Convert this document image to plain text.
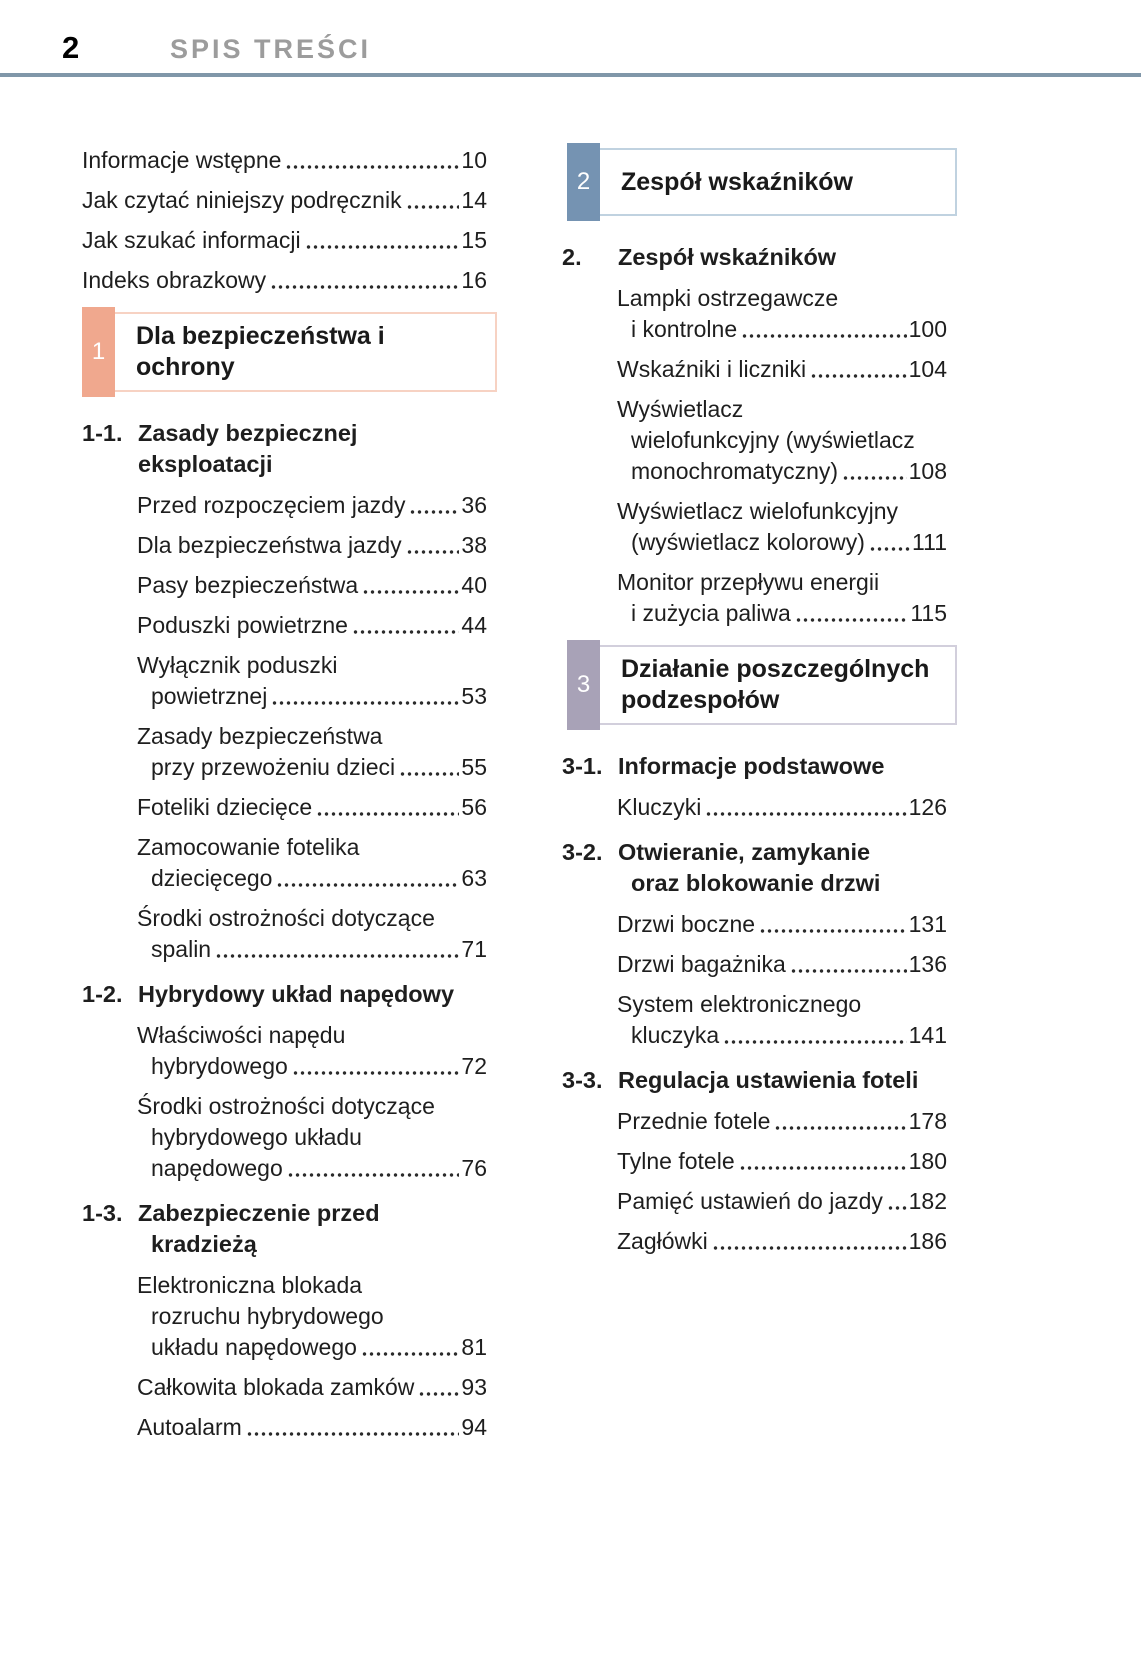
2	SPIS TREŚCI
Informacje wstępne	10
Jak czytać niniejszy podręcznik	14
Jak szukać informacji	15
Indeks obrazkowy	16
1
Dla bezpieczeństwa i ochrony
1-1. Zasady bezpiecznej eksploatacji
Przed rozpoczęciem jazdy 36
Dla bezpieczeństwa jazdy	38
Pasy bezpieczeństwa	40
Poduszki powietrzne	44
Wyłącznik poduszki
powietrznej	53
Zasady bezpieczeństwa
przy przewożeniu dzieci	55
Foteliki dziecięce	56
Zamocowanie fotelika
dziecięcego	63
Środki ostrożności dotyczące
spalin	71
1-2. Hybrydowy układ napędowy
Właściwości napędu
hybrydowego	72
Środki ostrożności dotyczące
hybrydowego układu
napędowego	76
1-3. Zabezpieczenie przed
kradzieżą
Elektroniczna blokada
rozruchu hybrydowego
układu napędowego	81
Całkowita blokada zamków 93
Autoalarm	94
2 Zespół wskaźników
2. Zespół wskaźników
Lampki ostrzegawcze
i kontrolne	100
Wskaźniki i liczniki	104
Wyświetlacz
wielofunkcyjny (wyświetlacz
monochromatyczny)	108
Wyświetlacz wielofunkcyjny
(wyświetlacz kolorowy) 111
Monitor przepływu energii
i zużycia paliwa	115
3
Działanie poszczególnych
podzespołów
3-1. Informacje podstawowe
Kluczyki	126
3-2. Otwieranie, zamykanie
oraz blokowanie drzwi
Drzwi boczne	131
Drzwi bagażnika	136
System elektronicznego
kluczyka	141
3-3. Regulacja ustawienia foteli
Przednie fotele	178
Tylne fotele	180
Pamięć ustawień do jazdy 182
Zagłówki	186
